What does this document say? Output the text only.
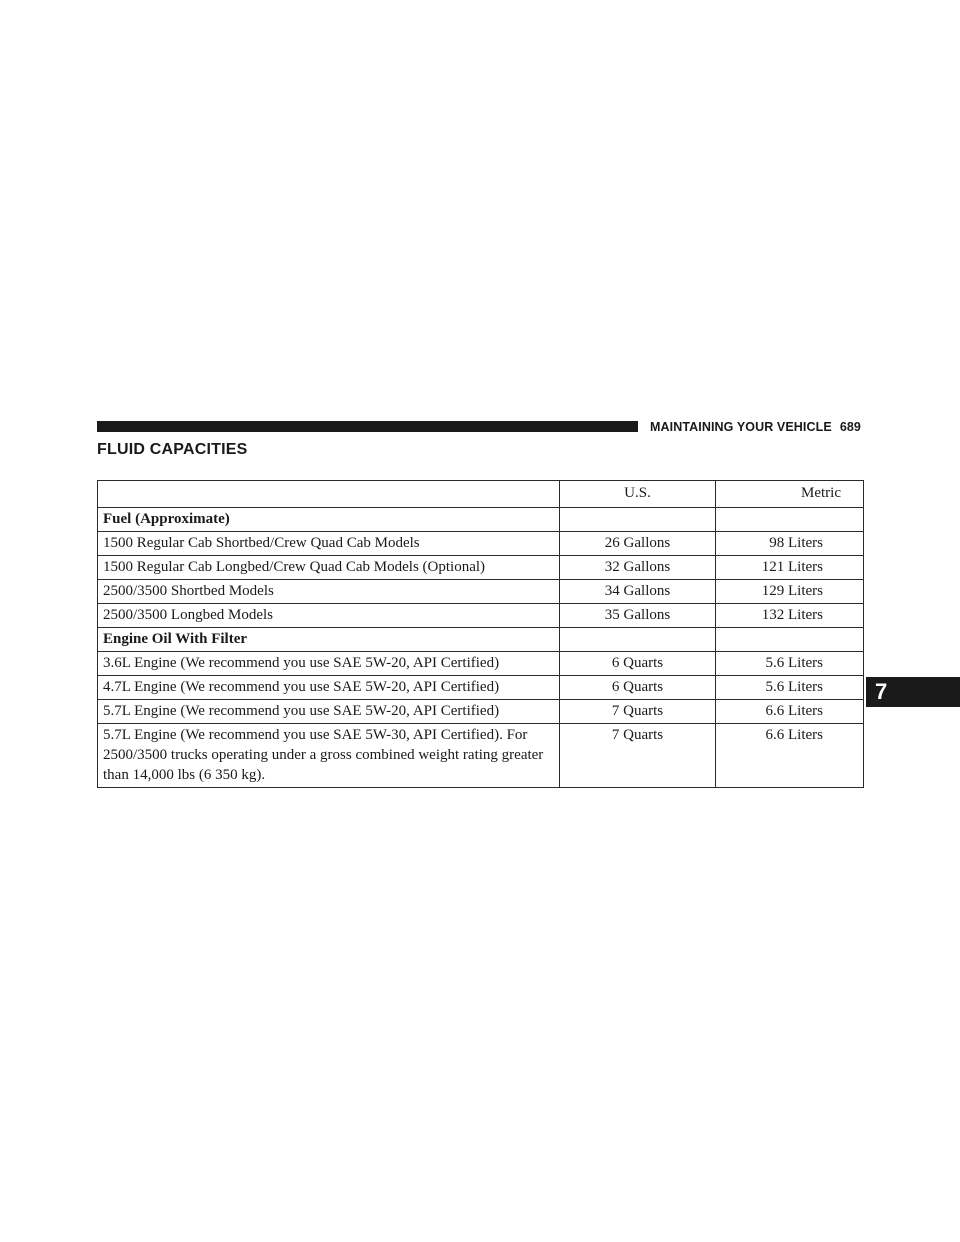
MAINTAINING YOUR VEHICLE 689
FLUID CAPACITIES
7
	U.S.	Metric
Fuel (Approximate)		
1500 Regular Cab Shortbed/Crew Quad Cab Models	26 Gallons	98 Liters
1500 Regular Cab Longbed/Crew Quad Cab Models (Optional)	32 Gallons	121 Liters
2500/3500 Shortbed Models	34 Gallons	129 Liters
2500/3500 Longbed Models	35 Gallons	132 Liters
Engine Oil With Filter		
3.6L Engine (We recommend you use SAE 5W-20, API Certified)	6 Quarts	5.6 Liters
4.7L Engine (We recommend you use SAE 5W-20, API Certified)	6 Quarts	5.6 Liters
5.7L Engine (We recommend you use SAE 5W-20, API Certified)	7 Quarts	6.6 Liters
5.7L Engine (We recommend you use SAE 5W-30, API Certified). For 2500/3500 trucks operating under a gross combined weight rating greater than 14,000 lbs (6 350 kg).	7 Quarts	6.6 Liters
